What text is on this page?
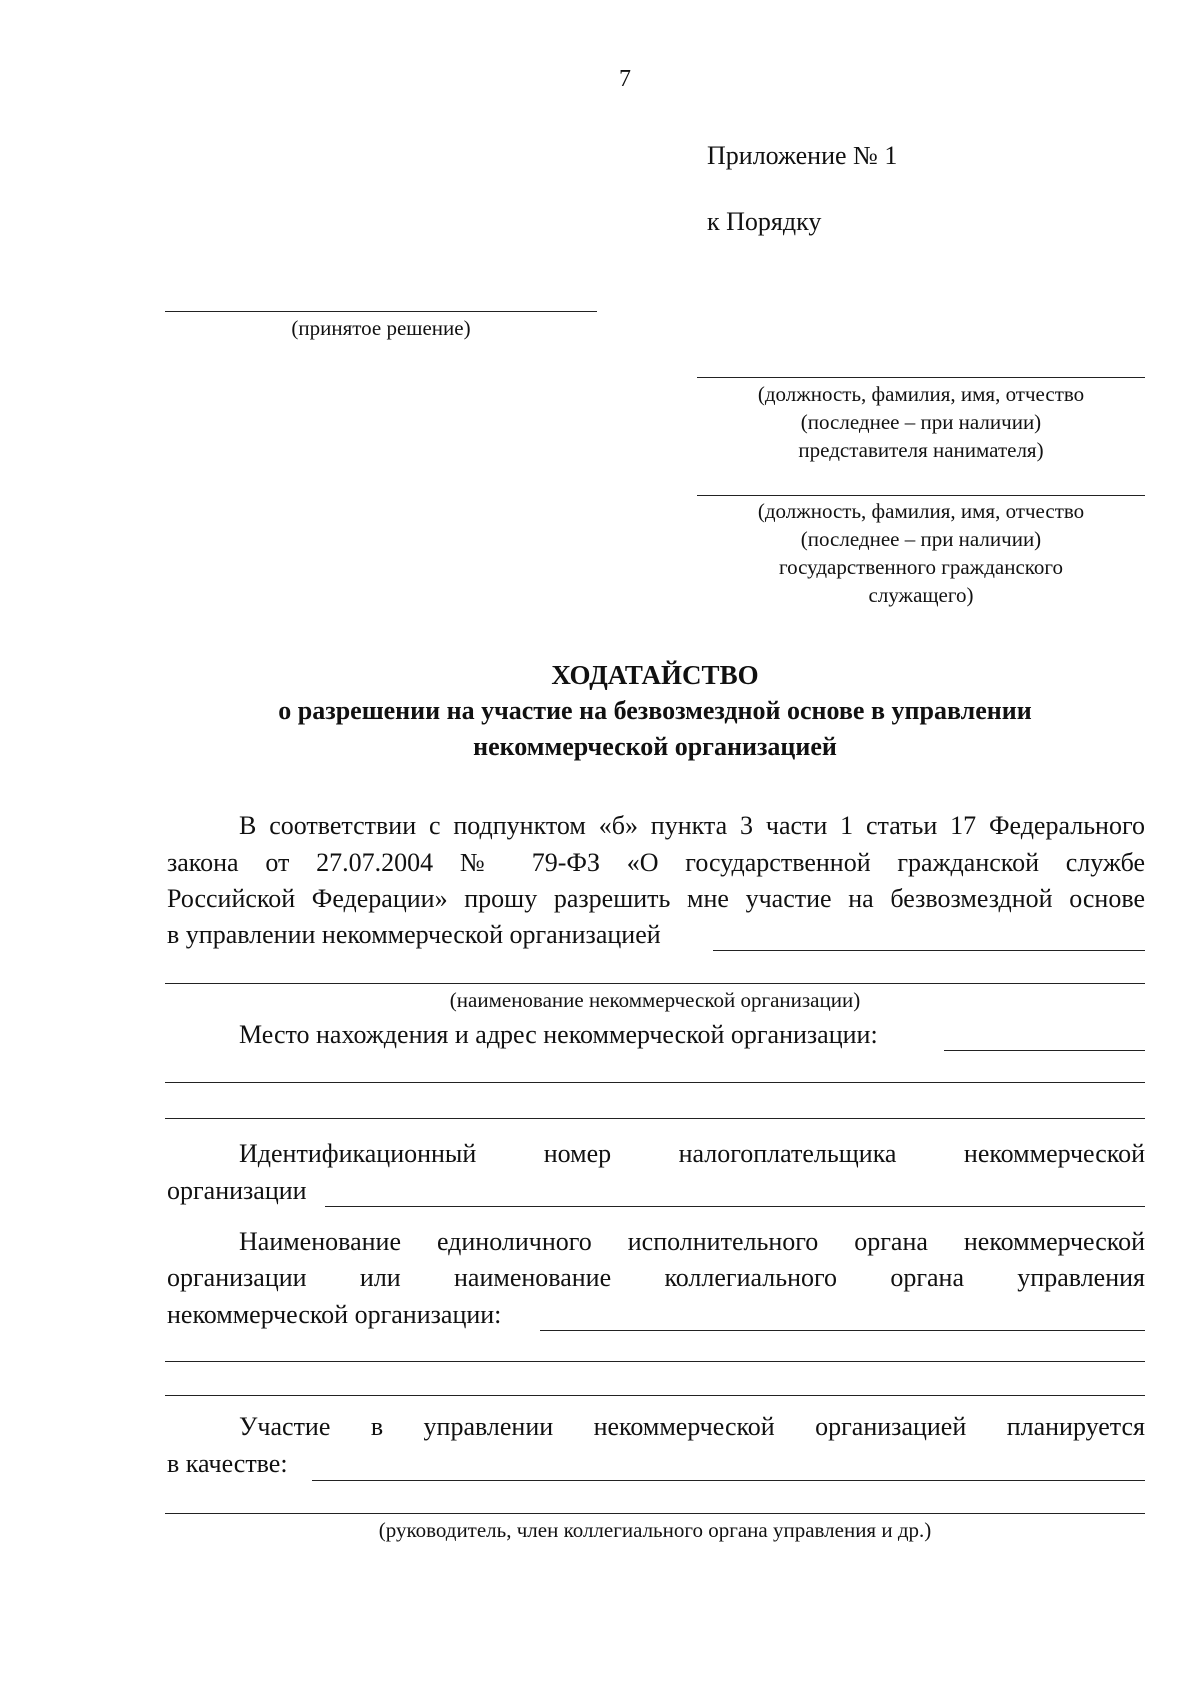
7
Приложение № 1
к Порядку
(принятое решение)
(должность, фамилия, имя, отчество
(последнее – при наличии)
представителя нанимателя)
(должность, фамилия, имя, отчество
(последнее – при наличии)
государственного гражданского
служащего)
ХОДАТАЙСТВО
о разрешении на участие на безвозмездной основе в управлении
некоммерческой организацией
В соответствии с подпунктом «б» пункта 3 части 1 статьи 17 Федерального
закона от 27.07.2004 № 79-ФЗ «О государственной гражданской службе
Российской Федерации» прошу разрешить мне участие на безвозмездной основе
в управлении некоммерческой организацией
(наименование некоммерческой организации)
Место нахождения и адрес некоммерческой организации:
Идентификационный номер налогоплательщика некоммерческой
организации
Наименование единоличного исполнительного органа некоммерческой
организации или наименование коллегиального органа управления
некоммерческой организации:
Участие в управлении некоммерческой организацией планируется
в качестве:
(руководитель, член коллегиального органа управления и др.)
